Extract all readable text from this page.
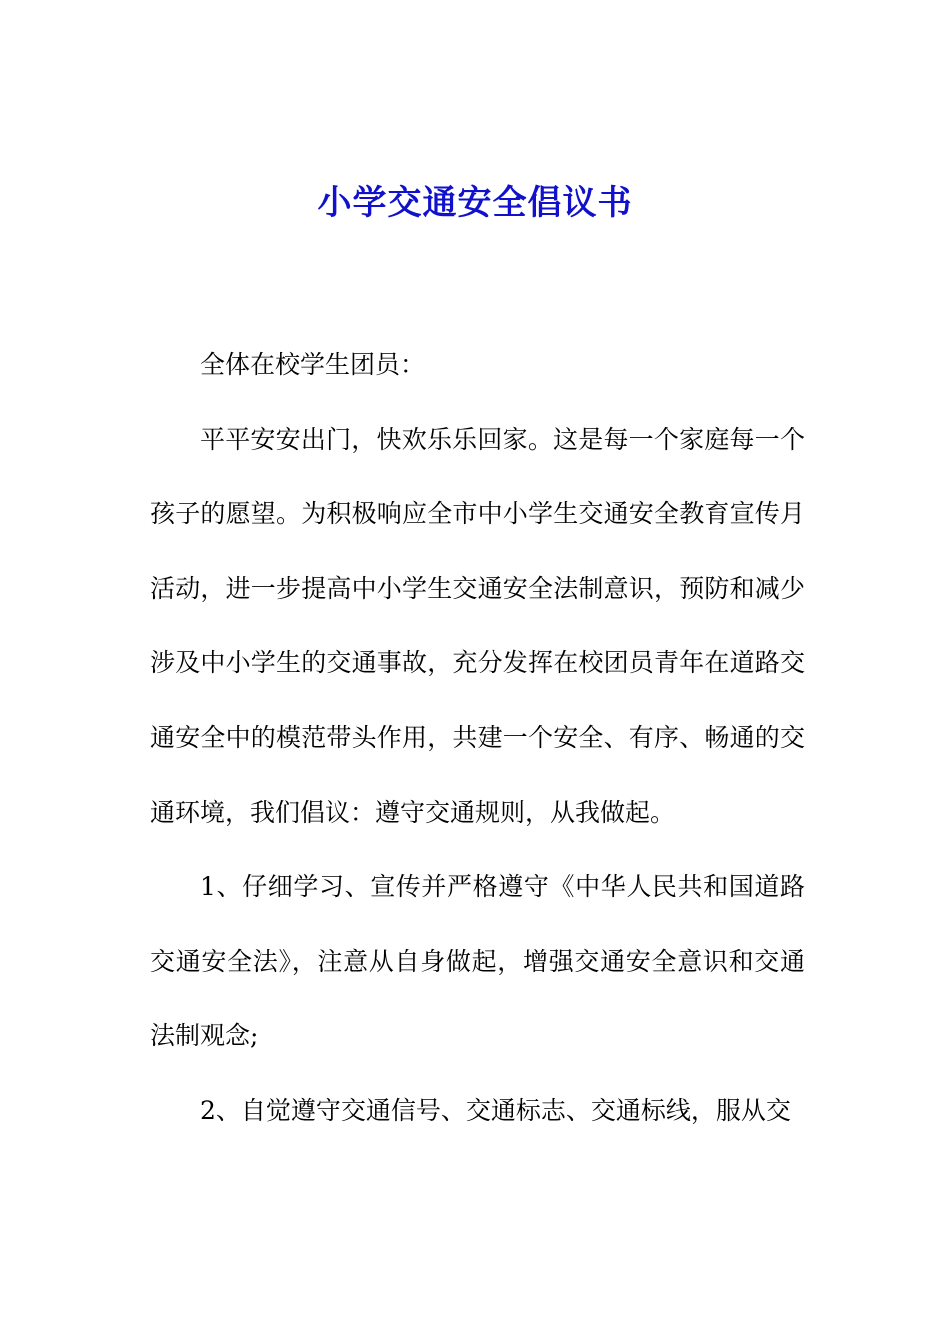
小学交通安全倡议书

全体在校学生团员：

平平安安出门，快欢乐乐回家。这是每一个家庭每一个孩子的愿望。为积极响应全市中小学生交通安全教育宣传月活动，进一步提高中小学生交通安全法制意识，预防和减少涉及中小学生的交通事故，充分发挥在校团员青年在道路交通安全中的模范带头作用，共建一个安全、有序、畅通的交通环境，我们倡议：遵守交通规则，从我做起。

1、仔细学习、宣传并严格遵守《中华人民共和国道路交通安全法》，注意从自身做起，增强交通安全意识和交通法制观念;

2、自觉遵守交通信号、交通标志、交通标线，服从交
